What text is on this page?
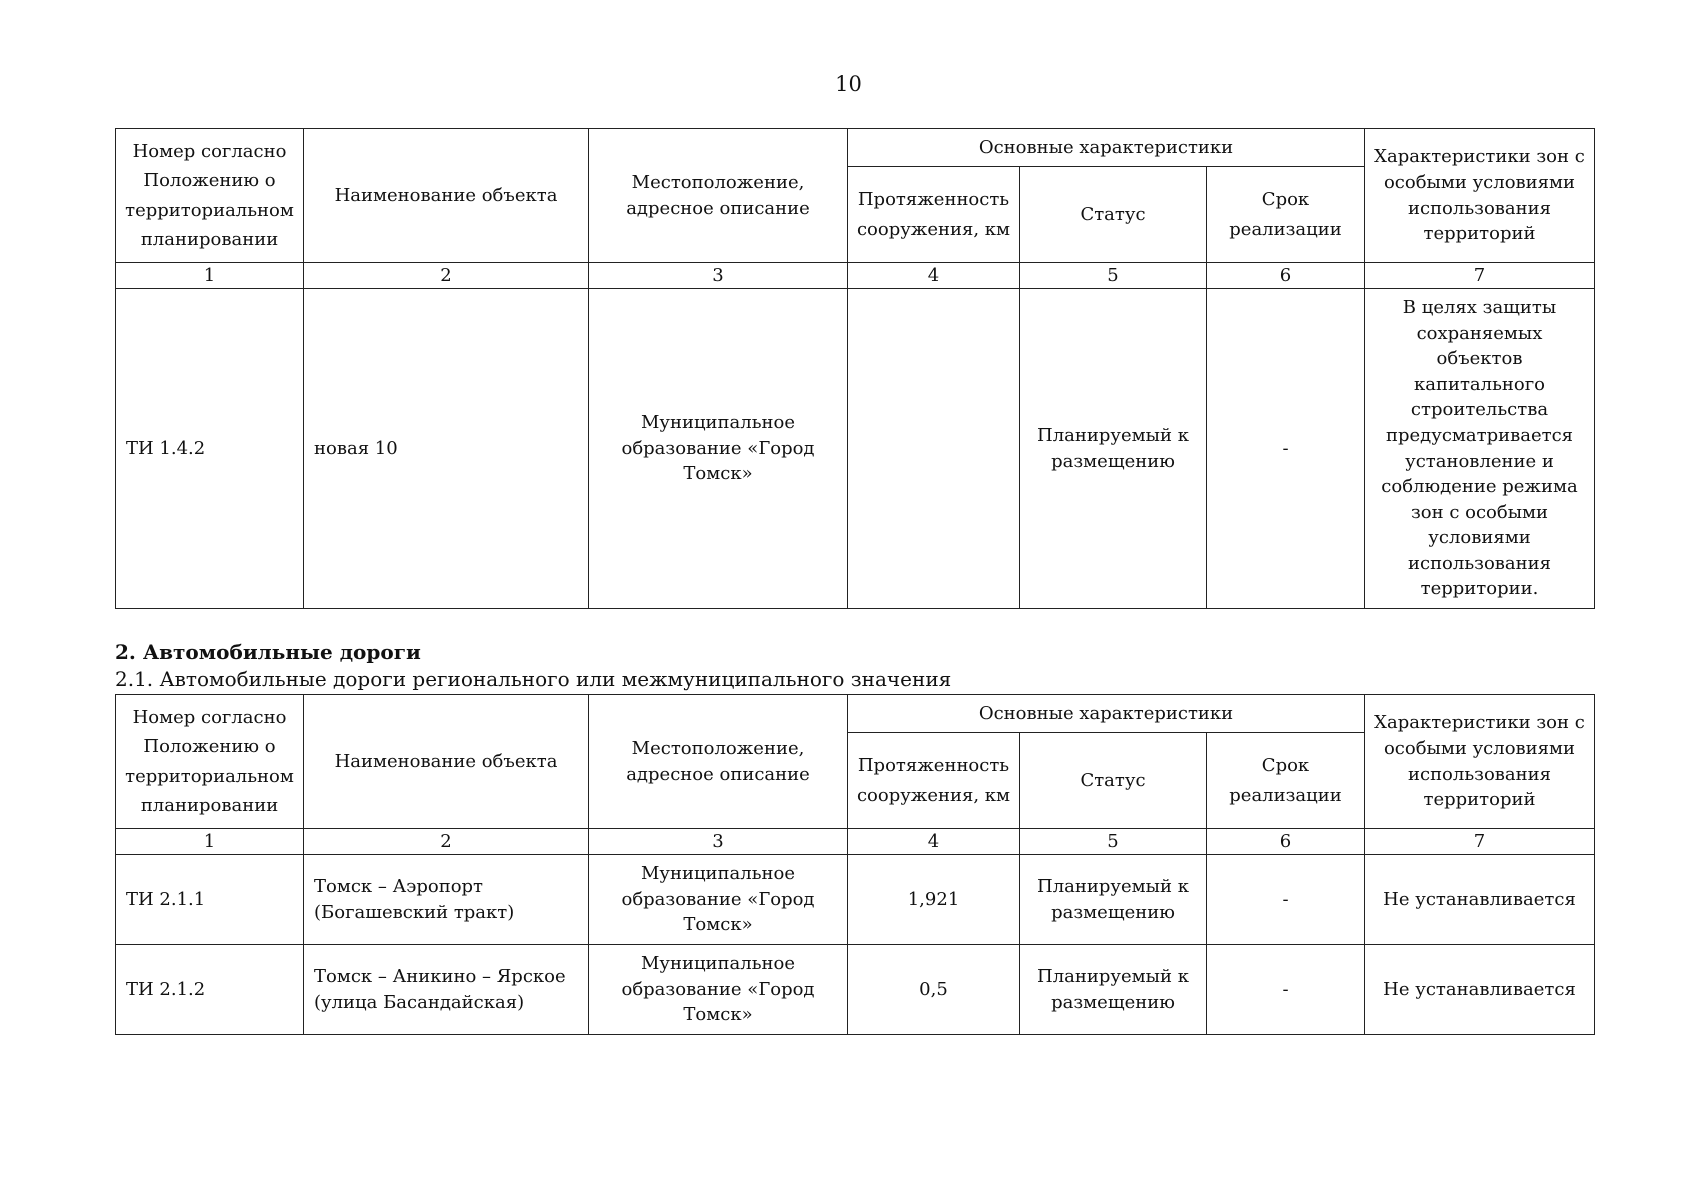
10
Номер согласно Положению о территориальном планировании	Наименование объекта	Местоположение, адресное описание	Основные характеристики			Характеристики зон с особыми условиями использования территорий
			Протяженность сооружения, км	Статус	Срок реализации	
1	2	3	4	5	6	7
ТИ 1.4.2	новая 10	Муниципальное образование «Город Томск»		Планируемый к размещению	-	В целях защиты сохраняемых объектов капитального строительства предусматривается установление и соблюдение режима зон с особыми условиями использования территории.
2. Автомобильные дороги
2.1. Автомобильные дороги регионального или межмуниципального значения
Номер согласно Положению о территориальном планировании	Наименование объекта	Местоположение, адресное описание	Основные характеристики			Характеристики зон с особыми условиями использования территорий
			Протяженность сооружения, км	Статус	Срок реализации	
1	2	3	4	5	6	7
ТИ 2.1.1	Томск – Аэропорт (Богашевский тракт)	Муниципальное образование «Город Томск»	1,921	Планируемый к размещению	-	Не устанавливается
ТИ 2.1.2	Томск – Аникино – Ярское (улица Басандайская)	Муниципальное образование «Город Томск»	0,5	Планируемый к размещению	-	Не устанавливается
